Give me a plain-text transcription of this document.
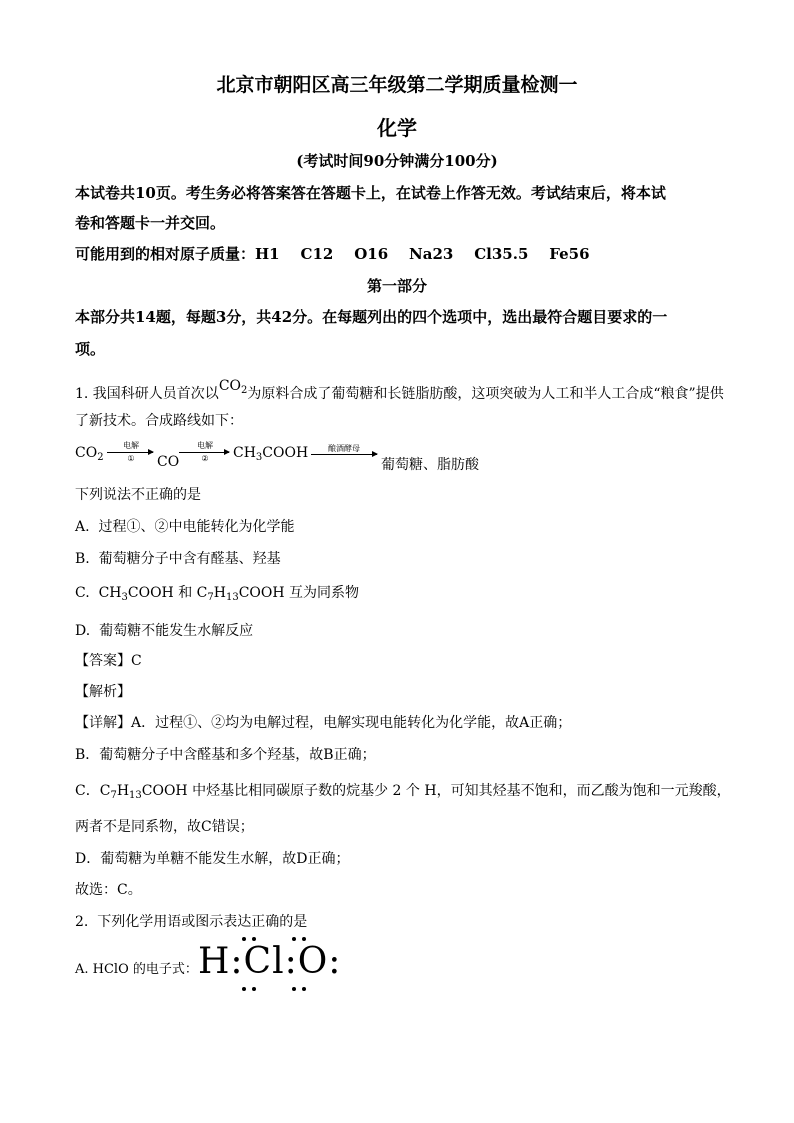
北京市朝阳区高三年级第二学期质量检测一
化学
(考试时间90分钟满分100分)
本试卷共10页。考生务必将答案答在答题卡上，在试卷上作答无效。考试结束后，将本试
卷和答题卡一并交回。
可能用到的相对原子质量：H1    C12    O16    Na23    Cl35.5    Fe56
第一部分
本部分共14题，每题3分，共42分。在每题列出的四个选项中，选出最符合题目要求的一
项。
1. 我国科研人员首次以$CO_2$为原料合成了葡萄糖和长链脂肪酸，这项突破为人工和半人工合成“粮食”提供
了新技术。合成路线如下：
$CO_2$
电解
①	CO
电解
②	$CH_3COOH$	酿酒酵母
葡萄糖、脂肪酸
下列说法不正确的是
A.  过程①、②中电能转化为化学能
B.  葡萄糖分子中含有醛基、羟基
C.  $CH_3COOH$ 和 $C_7H_{13}COOH$ 互为同系物
D.  葡萄糖不能发生水解反应
【答案】C
【解析】
【详解】A．过程①、②均为电解过程，电解实现电能转化为化学能，故A正确；
B．葡萄糖分子中含醛基和多个羟基，故B正确；
C．$C_7H_{13}COOH$ 中烃基比相同碳原子数的烷基少 2 个 H，可知其烃基不饱和，而乙酸为饱和一元羧酸，
两者不是同系物，故C错误；
D．葡萄糖为单糖不能发生水解，故D正确；
故选：C。
2.  下列化学用语或图示表达正确的是
A. HClO 的电子式： H:Cl:O:
